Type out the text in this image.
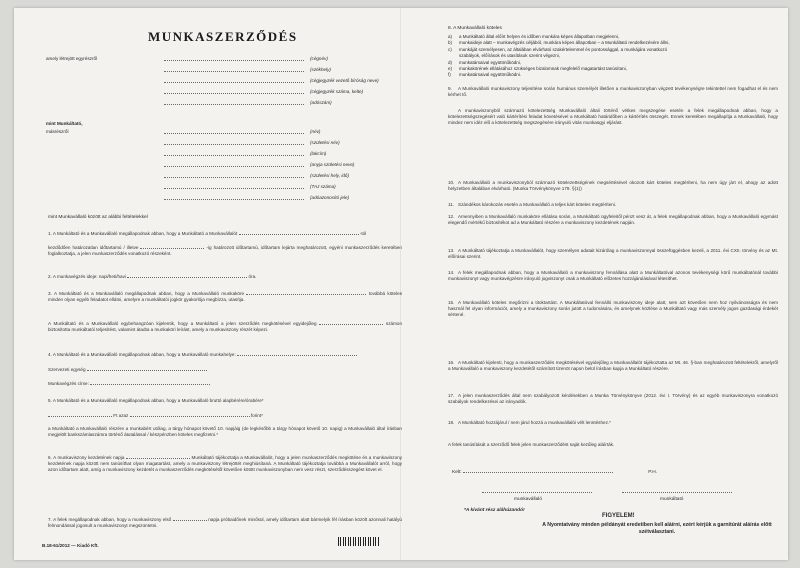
MUNKASZERZŐDÉS
amely létrejött egyrészről	(cégnév)
(székhely)
(cégjegyzék vezető bíróság neve)
(cégjegyzék száma, kelte)
(adószám)
mint Munkáltató,
másrészről	(név)
(születési név)
(lakcím)
(anyja születési neve)
(születési hely, idő)
(TAJ száma)
(adóazonosító jele)
mint Munkavállaló között az alábbi feltételekkel
1. A Munkáltató és a Munkavállaló megállapodnak abban, hogy a Munkáltató a Munkavállalót	-tól
kezdődően határozatlan időtartamú / illetve	-ig határozott időtartamú, időtartam lejárta meghatározott, egyéni munkaszerződés keretében foglalkoztatja, a jelen munkaszerződés vonatkozó részeként.
2. A munkavégzés ideje: napi/heti/havi	óra.
3. A Munkáltató és a Munkavállaló megállapodnak abban, hogy a Munkavállaló munkaköre	továbbá köteles minden olyan egyéb feladatot ellátni, amelyre a munkáltatói jogkör gyakorlója megbízza, utasítja.
A Munkáltató és a Munkavállaló egybehangzóan kijelentik, hogy a Munkáltató a jelen szerződés megkötésével egyidejűleg	számon biztosította munkáltatói teljesítést, valamint átadta a munkaköri leírást, amely a munkaviszony részét képezi.
4. A Munkáltató és a Munkavállaló megállapodnak abban, hogy a Munkavállaló munkahelye:
Szervezeti egység
Munkavégzés címe:
5. A Munkáltató és a Munkavállaló megállapodnak abban, hogy a Munkavállaló bruttó alapbérére/órabére*
Ft azaz	forint*
a Munkáltató a Munkavállaló részére a munkabért utólag, a tárgy hónapot követő 10. napjáig (de legkésőbb a tárgy hónapot követő 10. napig) a Munkavállaló által írásban megjelölt bankszámlaszámra történő átutalással / készpénzben köteles megfizetni.*
6. A munkaviszony kezdetének napja	Munkáltató tájékoztatja a Munkavállalót, hogy a jelen munkaszerződés megkötése és a munkaviszony kezdetének napja között nem tanúsíthat olyan magatartást, amely a munkaviszony létrejöttét meghiúsítaná. A Munkáltató tájékoztatja továbbá a Munkavállalót arról, hogy azon időtartam alatt, amíg a munkaviszony kezdetét a munkaszerződés megkötésétől követően kötött munkaviszonyban nem vesz részt, szerződésszegést követ el.
7. A felek megállapodnak abban, hogy a munkaviszony első	napja próbaidőnek minősül, amely időtartam alatt bármelyik fél írásban közölt azonnali hatályú felmondással jogosult a munkaviszonyt megszüntetni.
B.18-61/2012 — Kiadó Kft.
8. A Munkavállaló köteles
a)	a Munkáltató által előírt helyen és időben munkára képes állapotban megjelenni,
b)	munkaideje alatt – munkavégzés céljából, munkára képes állapotban – a Munkáltató rendelkezésére állni,
c)	munkáját személyesen, az általában elvárható szakértelemmel és pontossággal, a munkájára vonatkozó
szabályok, előírások és utasítások szerint végezni,
d)	munkatársaival együttműködni,
e)	munkakörének ellátásához szükséges bizalomnak megfelelő magatartást tanúsítani,
f)	munkatársaival együttműködni.
9. A Munkavállaló munkaviszony teljesítése során humánus személyét illetően a munkaviszonyban végzett tevékenységre tekintettel nem fogadhat el és nem kérhet tő.
A munkaviszonyból származó kötelezettség Munkavállaló általi történő vétkes megszegése esetén a felek megállapodnak abban, hogy a kötelezettségszegésért való kártérítési feladat követésével a Munkáltató határidőben a kártérítés összegét. Ennek keretében megállapítja a Munkavállaló, hogy mindez nem idéz elő a kötelezettség megszegésére irányuló vitás munkaügyi eljárást.
10. A Munkavállaló a munkaviszonyból származó kötelezettségének megsértésével okozott kárt köteles megtéríteni, ha nem úgy járt el, ahogy az adott helyzetben általában elvárható. (Munka Törvénykönyve 179. §(1))
11. Szándékos károkozás esetén a Munkavállaló a teljes kárt köteles megtéríteni.
12. Amennyiben a Munkavállaló munkaköre ellátása során, a Munkáltató ügyfeleitől pénzt vesz át, a felek megállapodnak abban, hogy a Munkavállaló egymást elegendő mértékű biztosítékot ad a Munkáltató részére a munkaviszony kezdetének napján.
13. A Munkáltató tájékoztatja a Munkavállalót, hogy személyes adatait kizárólag a munkaviszonnyal összefüggésben kezeli, a 2011. évi CXII. törvény és az Mt. előírásai szerint.
14. A felek megállapodnak abban, hogy a Munkavállaló a munkaviszony fennállása alatt a Munkáltatóval azonos tevékenységi körű munkáltatónál további munkaviszonyt vagy munkavégzésre irányuló jogviszonyt csak a Munkáltató előzetes hozzájárulásával létesíthet.
15. A Munkavállaló köteles megőrizni a titoktartást. A Munkáltatóval fennálló munkaviszony ideje alatt, sem azt követően nem hoz nyilvánosságra és nem használ fel olyan információt, amely a munkaviszony során jutott a tudomására, és amelynek közlése a Munkáltató vagy más személy jogos gazdasági érdekét sértené.
16. A Munkáltató kijelenti, hogy a munkaszerződés megkötésével egyidejűleg a Munkavállalót tájékoztatta az Mt. 46. §-ban meghatározott feltételekről, amelyről a Munkavállaló a munkaviszony kezdetétől számított tizenöt napon belül írásban kapja a Munkáltató részére.
17. A jelen munkaszerződés által nem szabályozott kérdésekben a Munka Törvénykönyve (2012. évi I. Törvény) és az egyéb munkaviszonyra vonatkozó szabályok rendelkezései az irányadók.
18. A Munkáltató hozzájárul / nem járul hozzá a munkavállalói vélt lenntéshez.*
A felek tanúsítását a szerződő felek jelen munkaszerződést saját kezűleg aláírták.
Kelt:	P.H.
munkavállaló	munkáltató
*A kívánt rész aláhúzandó!
FIGYELEM!
A Nyomtatvány minden példányát eredetiben kell aláírni, ezért kérjük a garnitúrát aláírás előtt szétválasztani.
